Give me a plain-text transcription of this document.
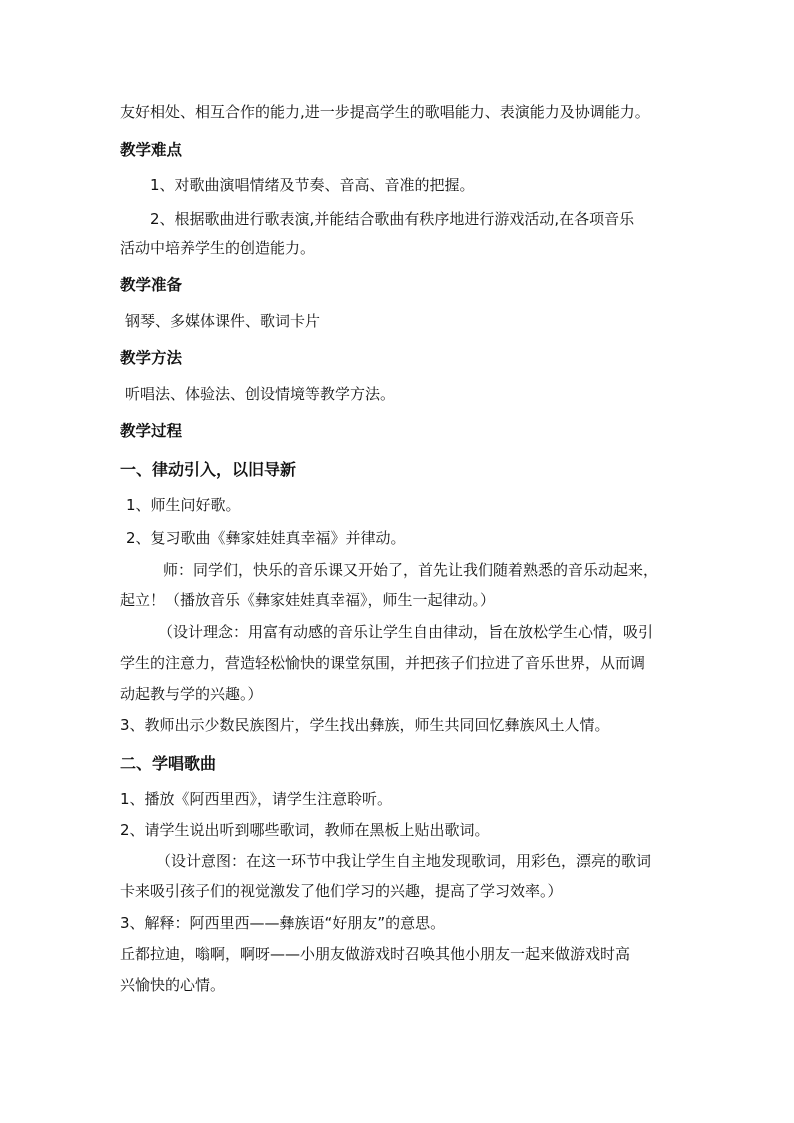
友好相处、相互合作的能力,进一步提高学生的歌唱能力、表演能力及协调能力。
教学难点
1、对歌曲演唱情绪及节奏、音高、音准的把握。
2、根据歌曲进行歌表演,并能结合歌曲有秩序地进行游戏活动,在各项音乐
活动中培养学生的创造能力。
教学准备
钢琴、多媒体课件、歌词卡片
教学方法
听唱法、体验法、创设情境等教学方法。
教学过程
一、律动引入，以旧导新
1、师生问好歌。
2、复习歌曲《彝家娃娃真幸福》并律动。
师：同学们，快乐的音乐课又开始了，首先让我们随着熟悉的音乐动起来，
起立！（播放音乐《彝家娃娃真幸福》，师生一起律动。）
（设计理念：用富有动感的音乐让学生自由律动，旨在放松学生心情，吸引
学生的注意力，营造轻松愉快的课堂氛围，并把孩子们拉进了音乐世界，从而调
动起教与学的兴趣。）
3、教师出示少数民族图片，学生找出彝族，师生共同回忆彝族风土人情。
二、学唱歌曲
1、播放《阿西里西》，请学生注意聆听。
2、请学生说出听到哪些歌词，教师在黑板上贴出歌词。
（设计意图：在这一环节中我让学生自主地发现歌词，用彩色，漂亮的歌词
卡来吸引孩子们的视觉激发了他们学习的兴趣，提高了学习效率。）
3、解释：阿西里西——彝族语“好朋友”的意思。
丘都拉迪，嗡啊，啊呀——小朋友做游戏时召唤其他小朋友一起来做游戏时高
兴愉快的心情。
